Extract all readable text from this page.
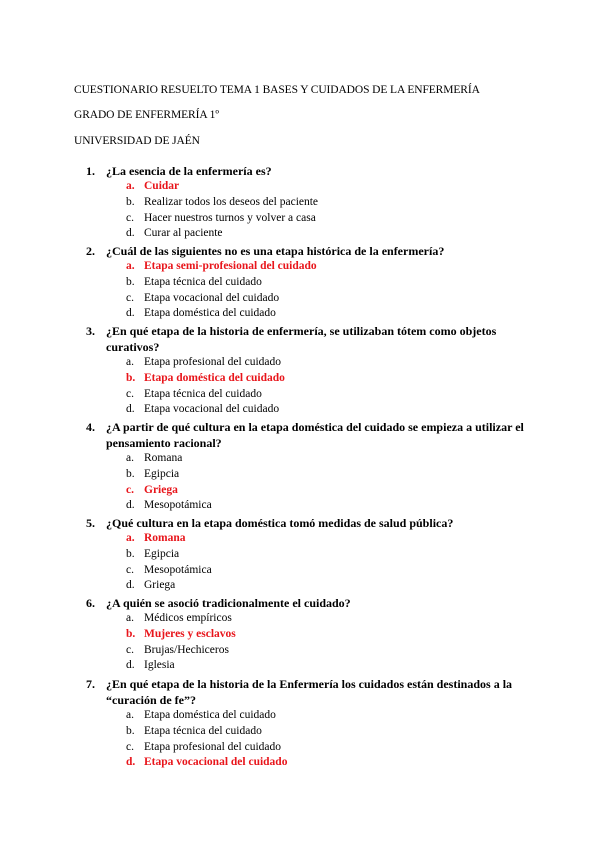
CUESTIONARIO RESUELTO TEMA 1 BASES Y CUIDADOS DE LA ENFERMERÍA
GRADO DE ENFERMERÍA 1º
UNIVERSIDAD DE JAÉN
1. ¿La esencia de la enfermería es?
a. Cuidar
b. Realizar todos los deseos del paciente
c. Hacer nuestros turnos y volver a casa
d. Curar al paciente
2. ¿Cuál de las siguientes no es una etapa histórica de la enfermería?
a. Etapa semi-profesional del cuidado
b. Etapa técnica del cuidado
c. Etapa vocacional del cuidado
d. Etapa doméstica del cuidado
3. ¿En qué etapa de la historia de enfermería, se utilizaban tótem como objetos curativos?
a. Etapa profesional del cuidado
b. Etapa doméstica del cuidado
c. Etapa técnica del cuidado
d. Etapa vocacional del cuidado
4. ¿A partir de qué cultura en la etapa doméstica del cuidado se empieza a utilizar el pensamiento racional?
a. Romana
b. Egipcia
c. Griega
d. Mesopotámica
5. ¿Qué cultura en la etapa doméstica tomó medidas de salud pública?
a. Romana
b. Egipcia
c. Mesopotámica
d. Griega
6. ¿A quién se asoció tradicionalmente el cuidado?
a. Médicos empíricos
b. Mujeres y esclavos
c. Brujas/Hechiceros
d. Iglesia
7. ¿En qué etapa de la historia de la Enfermería los cuidados están destinados a la “curación de fe”?
a. Etapa doméstica del cuidado
b. Etapa técnica del cuidado
c. Etapa profesional del cuidado
d. Etapa vocacional del cuidado
